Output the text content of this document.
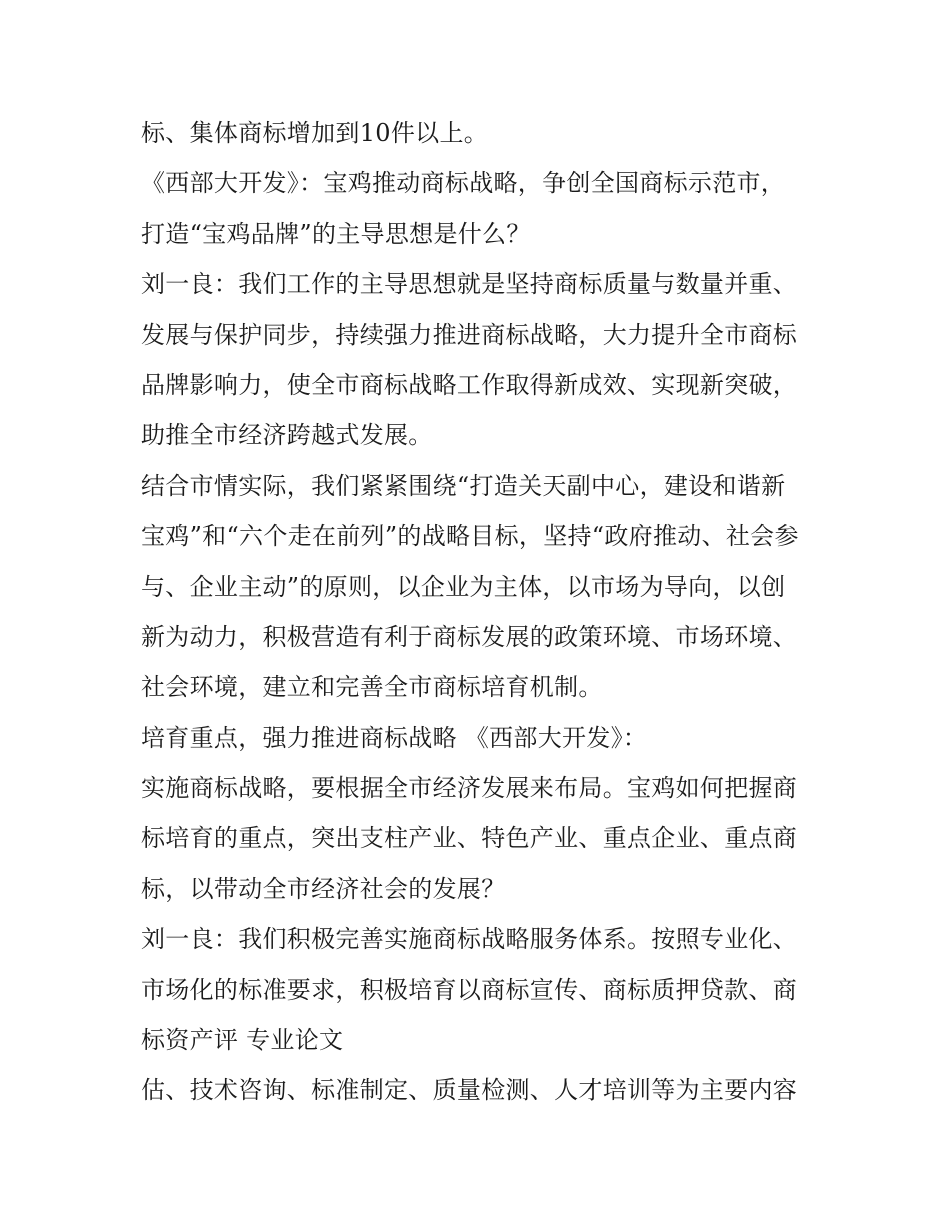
标、集体商标增加到10件以上。
《西部大开发》：宝鸡推动商标战略，争创全国商标示范市，
打造“宝鸡品牌”的主导思想是什么？
刘一良：我们工作的主导思想就是坚持商标质量与数量并重、
发展与保护同步，持续强力推进商标战略，大力提升全市商标
品牌影响力，使全市商标战略工作取得新成效、实现新突破，
助推全市经济跨越式发展。
结合市情实际，我们紧紧围绕“打造关天副中心，建设和谐新
宝鸡”和“六个走在前列”的战略目标，坚持“政府推动、社会参
与、企业主动”的原则，以企业为主体，以市场为导向，以创
新为动力，积极营造有利于商标发展的政策环境、市场环境、
社会环境，建立和完善全市商标培育机制。
培育重点，强力推进商标战略 《西部大开发》：
实施商标战略，要根据全市经济发展来布局。宝鸡如何把握商
标培育的重点，突出支柱产业、特色产业、重点企业、重点商
标，以带动全市经济社会的发展？
刘一良：我们积极完善实施商标战略服务体系。按照专业化、
市场化的标准要求，积极培育以商标宣传、商标质押贷款、商
标资产评 专业论文
估、技术咨询、标准制定、质量检测、人才培训等为主要内容
